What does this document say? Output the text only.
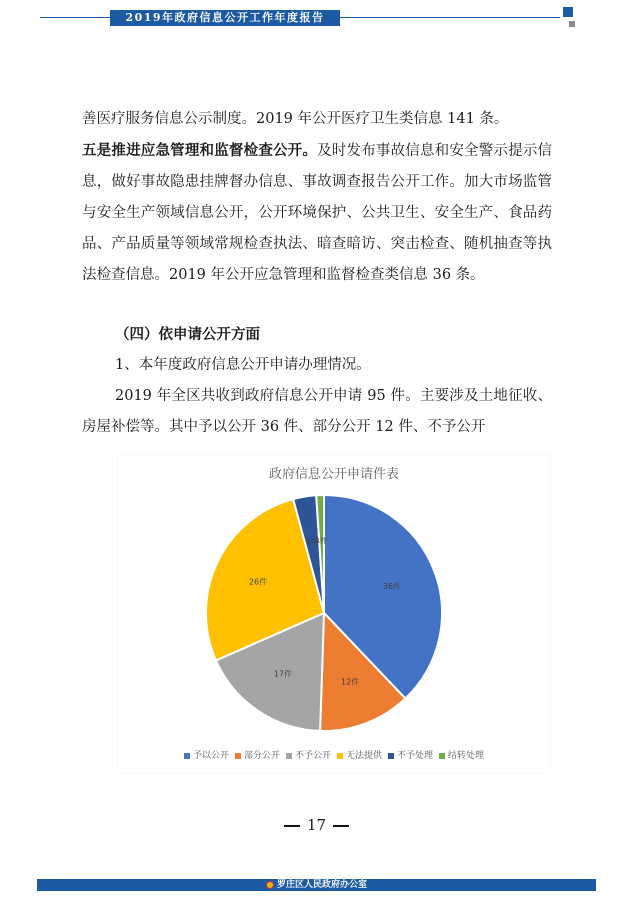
2019年政府信息公开工作年度报告
善医疗服务信息公示制度。2019 年公开医疗卫生类信息 141 条。
五是推进应急管理和监督检查公开。及时发布事故信息和安全警示提示信息，做好事故隐患挂牌督办信息、事故调查报告公开工作。加大市场监管与安全生产领域信息公开，公开环境保护、公共卫生、安全生产、食品药品、产品质量等领域常规检查执法、暗查暗访、突击检查、随机抽查等执法检查信息。2019 年公开应急管理和监督检查类信息 36 条。
（四）依申请公开方面
1、本年度政府信息公开申请办理情况。
2019 年全区共收到政府信息公开申请 95 件。主要涉及土地征收、房屋补偿等。其中予以公开 36 件、部分公开 12 件、不予公开
政府信息公开申请件表
36件
12件
17件
26件
3件
1件
予以公开 部分公开 不予公开 无法提供 不予处理 结转处理
17
罗庄区人民政府办公室
